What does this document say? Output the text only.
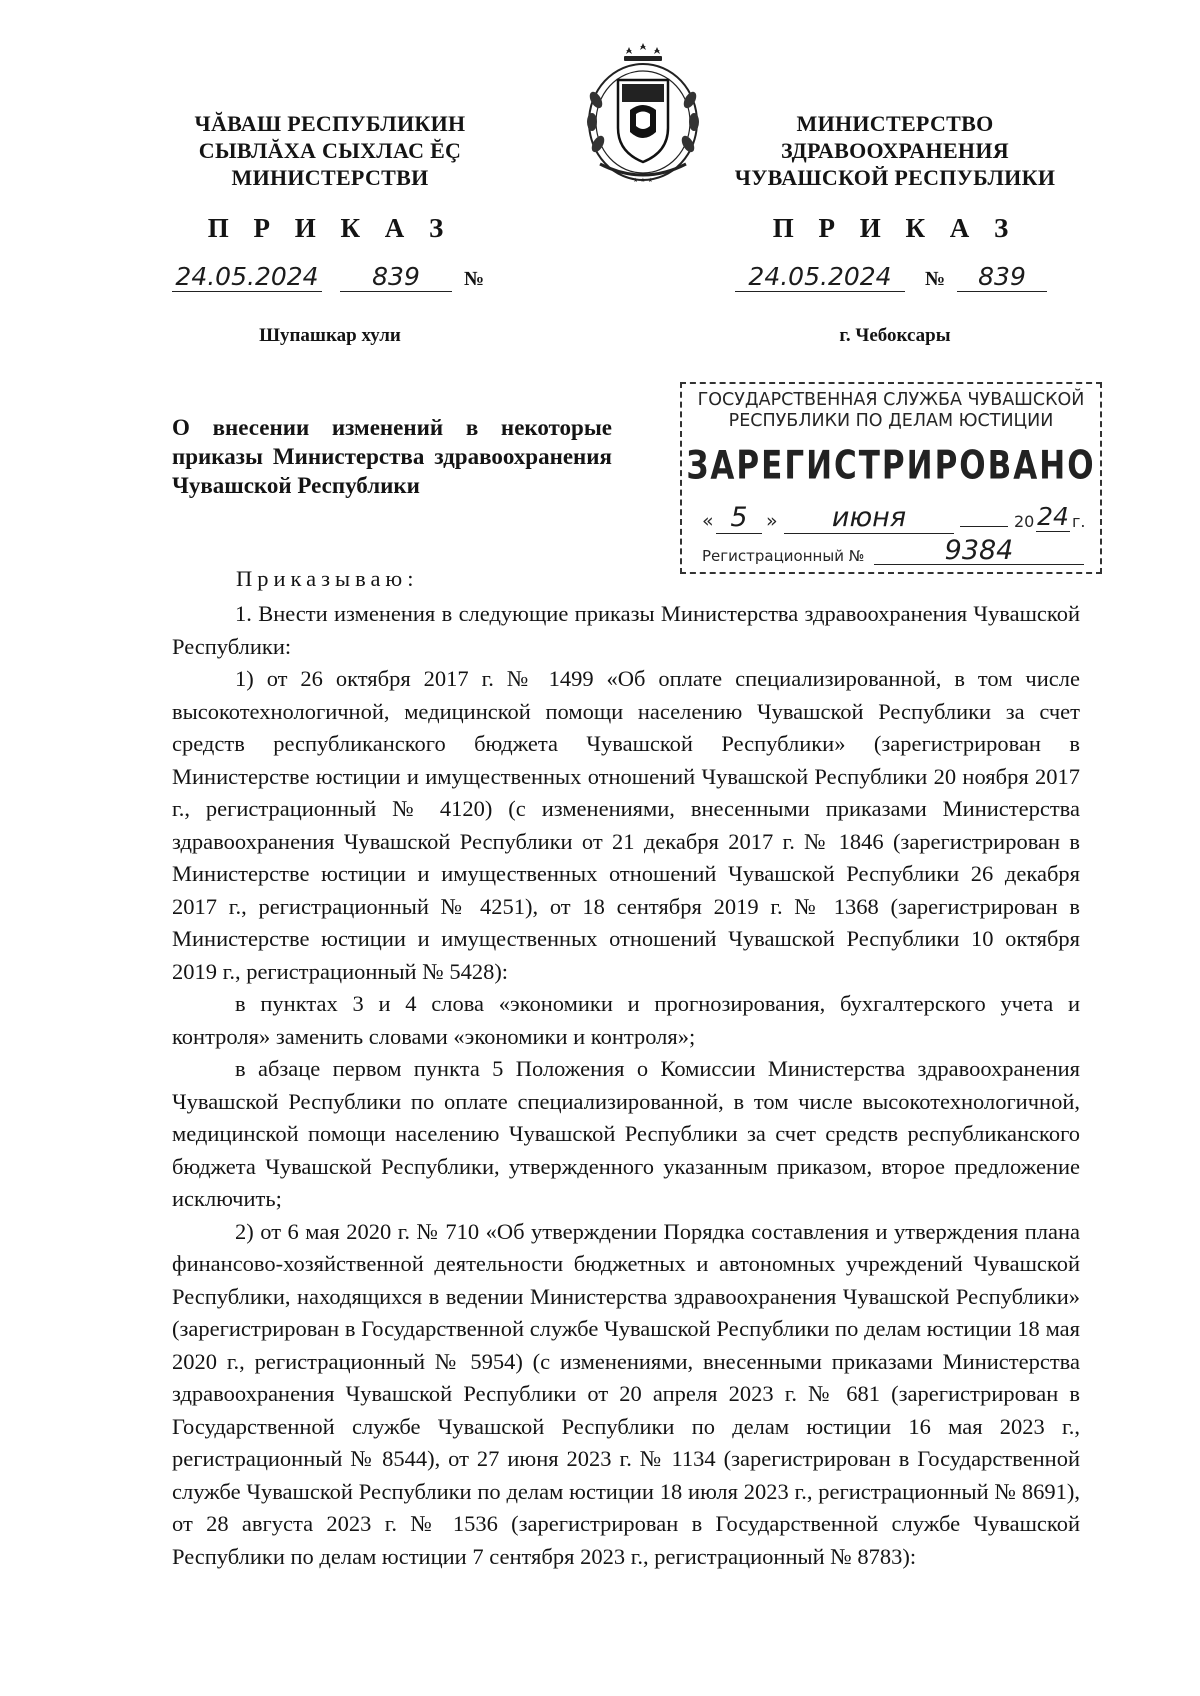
ЧĂВАШ РЕСПУБЛИКИН
СЫВЛĂХА СЫХЛАС ĔÇ
МИНИСТЕРСТВИ	★ ★ ★
МИНИСТЕРСТВО
ЗДРАВООХРАНЕНИЯ
ЧУВАШСКОЙ РЕСПУБЛИКИ
П Р И К А З	П Р И К А З
24.05.2024	839	№	24.05.2024	№	839
Шупашкар хули	г. Чебоксары
О внесении изменений в некоторые приказы Министерства здравоохранения Чувашской Республики
ГОСУДАРСТВЕННАЯ СЛУЖБА ЧУВАШСКОЙ
РЕСПУБЛИКИ ПО ДЕЛАМ ЮСТИЦИИ
ЗАРЕГИСТРИРОВАНО
« 5 »	июня	20 24 г.
Регистрационный №	9384
Приказываю:

1. Внести изменения в следующие приказы Министерства здравоохранения Чувашской Республики:

1) от 26 октября 2017 г. № 1499 «Об оплате специализированной, в том числе высокотехнологичной, медицинской помощи населению Чувашской Республики за счет средств республиканского бюджета Чувашской Республики» (зарегистрирован в Министерстве юстиции и имущественных отношений Чувашской Республики 20 ноября 2017 г., регистрационный № 4120) (с изменениями, внесенными приказами Министерства здравоохранения Чувашской Республики от 21 декабря 2017 г. № 1846 (зарегистрирован в Министерстве юстиции и имущественных отношений Чувашской Республики 26 декабря 2017 г., регистрационный № 4251), от 18 сентября 2019 г. № 1368 (зарегистрирован в Министерстве юстиции и имущественных отношений Чувашской Республики 10 октября 2019 г., регистрационный № 5428):

в пунктах 3 и 4 слова «экономики и прогнозирования, бухгалтерского учета и контроля» заменить словами «экономики и контроля»;

в абзаце первом пункта 5 Положения о Комиссии Министерства здравоохранения Чувашской Республики по оплате специализированной, в том числе высокотехнологичной, медицинской помощи населению Чувашской Республики за счет средств республиканского бюджета Чувашской Республики, утвержденного указанным приказом, второе предложение исключить;

2) от 6 мая 2020 г. № 710 «Об утверждении Порядка составления и утверждения плана финансово-хозяйственной деятельности бюджетных и автономных учреждений Чувашской Республики, находящихся в ведении Министерства здравоохранения Чувашской Республики» (зарегистрирован в Государственной службе Чувашской Республики по делам юстиции 18 мая 2020 г., регистрационный № 5954) (с изменениями, внесенными приказами Министерства здравоохранения Чувашской Республики от 20 апреля 2023 г. № 681 (зарегистрирован в Государственной службе Чувашской Республики по делам юстиции 16 мая 2023 г., регистрационный № 8544), от 27 июня 2023 г. № 1134 (зарегистрирован в Государственной службе Чувашской Республики по делам юстиции 18 июля 2023 г., регистрационный № 8691), от 28 августа 2023 г. № 1536 (зарегистрирован в Государственной службе Чувашской Республики по делам юстиции 7 сентября 2023 г., регистрационный № 8783):
